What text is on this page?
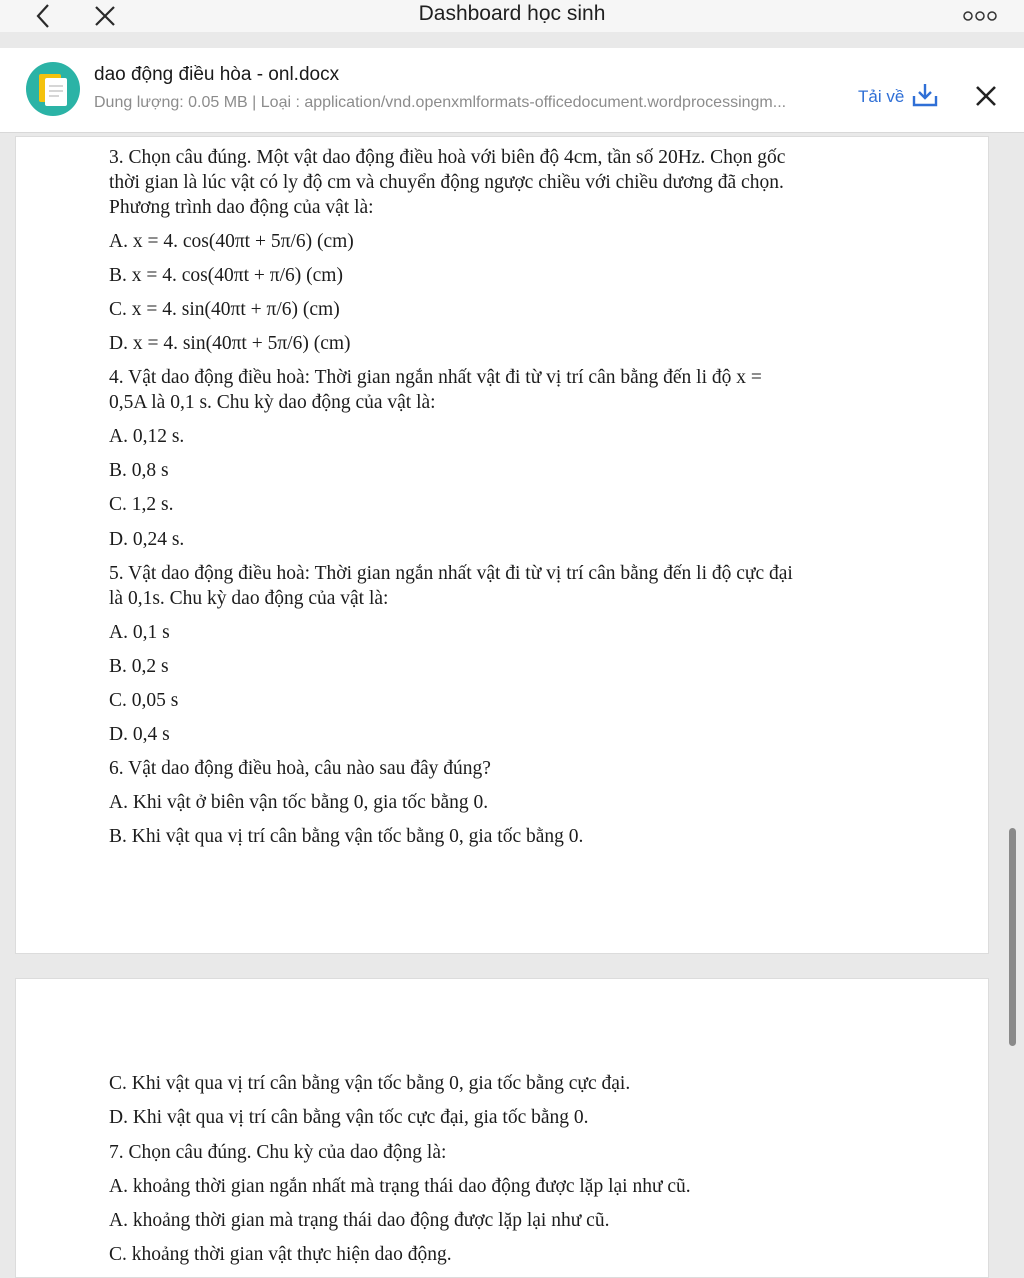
Dashboard học sinh
dao động điều hòa - onl.docx
Dung lượng: 0.05 MB | Loại : application/vnd.openxmlformats-officedocument.wordprocessingm...	Tải về
3. Chọn câu đúng. Một vật dao động điều hoà với biên độ 4cm, tần số 20Hz. Chọn gốc
thời gian là lúc vật có ly độ cm và chuyển động ngược chiều với chiều dương đã chọn.
Phương trình dao động của vật là:
A. x = 4. cos(40πt + 5π/6) (cm)
B. x = 4. cos(40πt + π/6) (cm)
C. x = 4. sin(40πt + π/6) (cm)
D. x = 4. sin(40πt + 5π/6) (cm)
4. Vật dao động điều hoà: Thời gian ngắn nhất vật đi từ vị trí cân bằng đến li độ x =
0,5A là 0,1 s. Chu kỳ dao động của vật là:
A. 0,12 s.
B. 0,8 s
C. 1,2 s.
D. 0,24 s.
5. Vật dao động điều hoà: Thời gian ngắn nhất vật đi từ vị trí cân bằng đến li độ cực đại
là 0,1s. Chu kỳ dao động của vật là:
A. 0,1 s
B. 0,2 s
C. 0,05 s
D. 0,4 s
6. Vật dao động điều hoà, câu nào sau đây đúng?
A. Khi vật ở biên vận tốc bằng 0, gia tốc bằng 0.
B. Khi vật qua vị trí cân bằng vận tốc bằng 0, gia tốc bằng 0.
C. Khi vật qua vị trí cân bằng vận tốc bằng 0, gia tốc bằng cực đại.
D. Khi vật qua vị trí cân bằng vận tốc cực đại, gia tốc bằng 0.
7. Chọn câu đúng. Chu kỳ của dao động là:
A. khoảng thời gian ngắn nhất mà trạng thái dao động được lặp lại như cũ.
A. khoảng thời gian mà trạng thái dao động được lặp lại như cũ.
C. khoảng thời gian vật thực hiện dao động.
